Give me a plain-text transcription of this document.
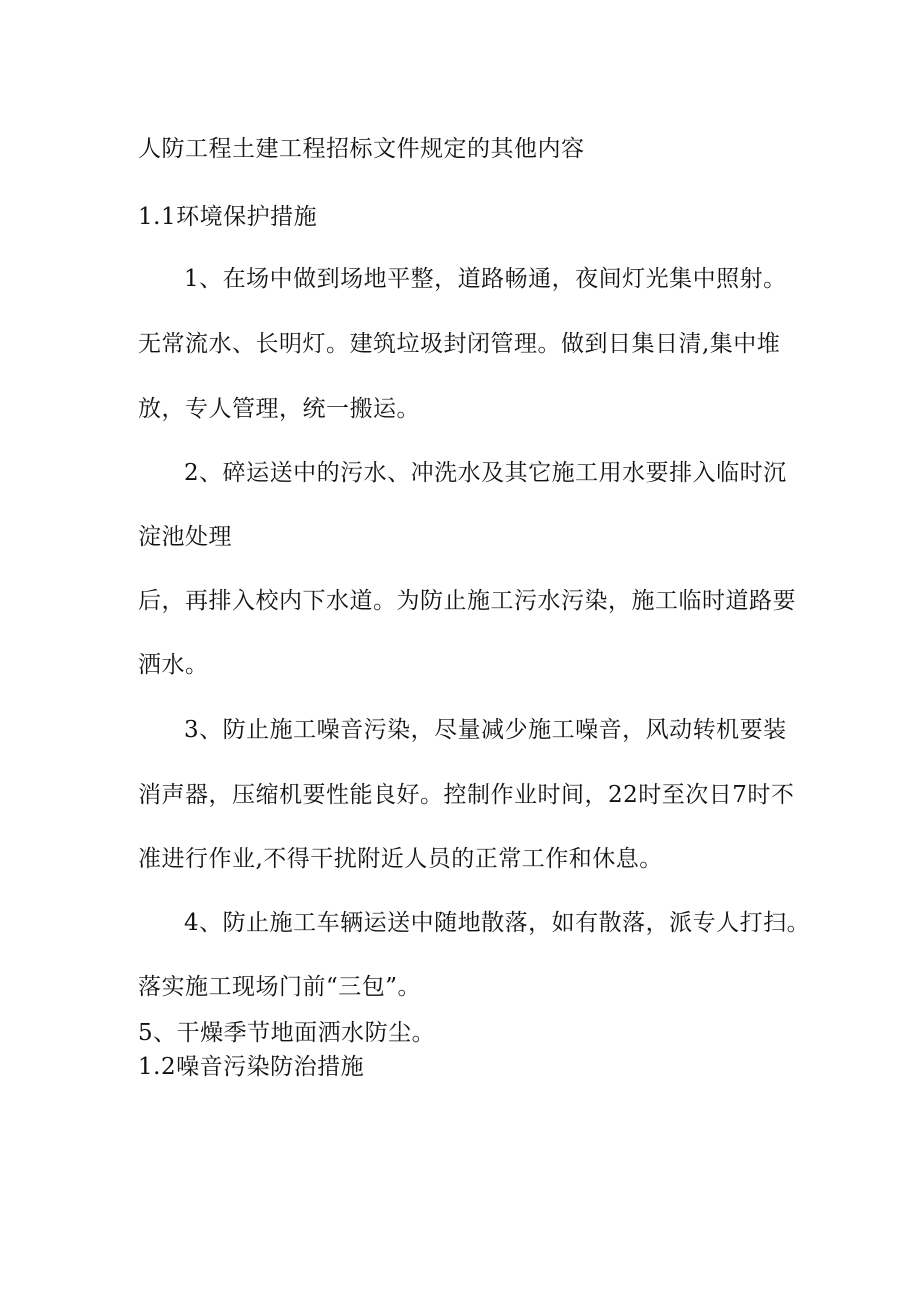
人防工程土建工程招标文件规定的其他内容

1.1环境保护措施

1、在场中做到场地平整，道路畅通，夜间灯光集中照射。

无常流水、长明灯。建筑垃圾封闭管理。做到日集日清,集中堆

放，专人管理，统一搬运。

2、碎运送中的污水、冲洗水及其它施工用水要排入临时沉

淀池处理

后，再排入校内下水道。为防止施工污水污染，施工临时道路要

洒水。

3、防止施工噪音污染，尽量减少施工噪音，风动转机要装

消声器，压缩机要性能良好。控制作业时间，22时至次日7时不

准进行作业,不得干扰附近人员的正常工作和休息。

4、防止施工车辆运送中随地散落，如有散落，派专人打扫。

落实施工现场门前“三包”。

5、干燥季节地面洒水防尘。

1.2噪音污染防治措施
